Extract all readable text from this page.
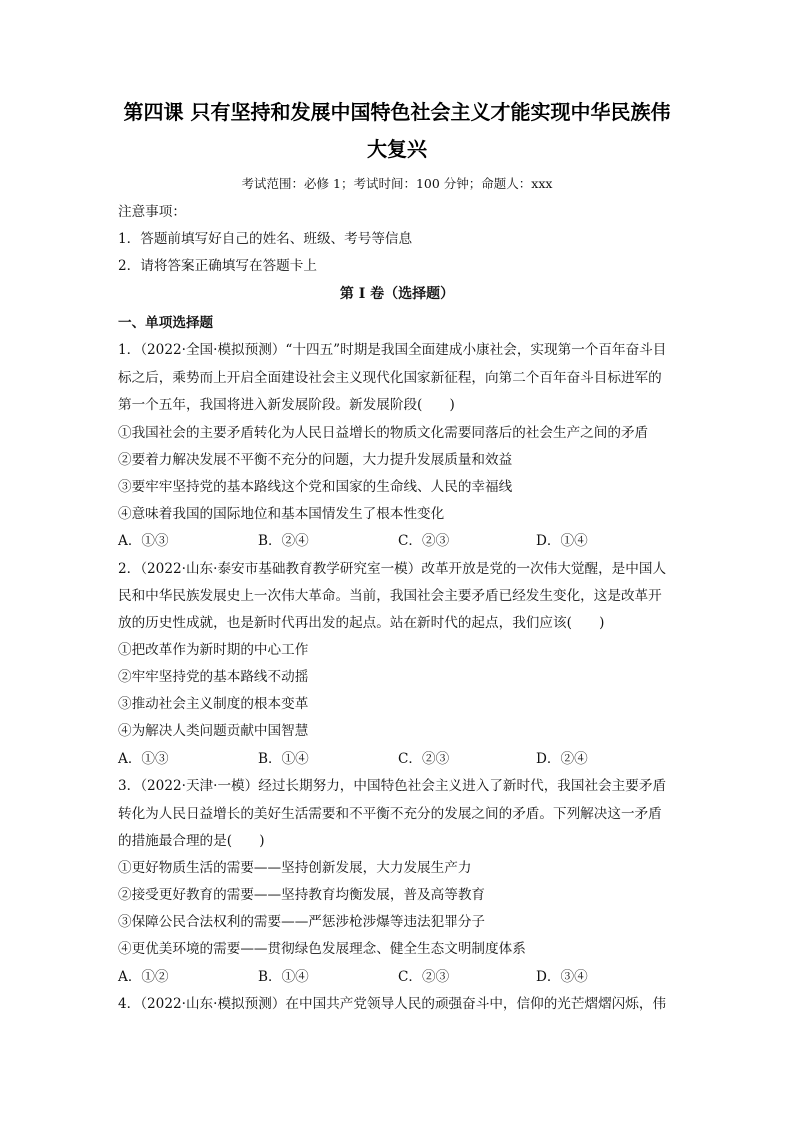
第四课 只有坚持和发展中国特色社会主义才能实现中华民族伟
大复兴
考试范围：必修 1；考试时间：100 分钟；命题人：xxx
注意事项：
1．答题前填写好自己的姓名、班级、考号等信息
2．请将答案正确填写在答题卡上
第 I 卷（选择题）
一、单项选择题
1．（2022·全国·模拟预测）“十四五”时期是我国全面建成小康社会，实现第一个百年奋斗目
标之后，乘势而上开启全面建设社会主义现代化国家新征程，向第二个百年奋斗目标进军的
第一个五年，我国将进入新发展阶段。新发展阶段(　　)
①我国社会的主要矛盾转化为人民日益增长的物质文化需要同落后的社会生产之间的矛盾
②要着力解决发展不平衡不充分的问题，大力提升发展质量和效益
③要牢牢坚持党的基本路线这个党和国家的生命线、人民的幸福线
④意味着我国的国际地位和基本国情发生了根本性变化
A．①③	B．②④	C．②③	D．①④
2．（2022·山东·泰安市基础教育教学研究室一模）改革开放是党的一次伟大觉醒，是中国人
民和中华民族发展史上一次伟大革命。当前，我国社会主要矛盾已经发生变化，这是改革开
放的历史性成就，也是新时代再出发的起点。站在新时代的起点，我们应该(　　)
①把改革作为新时期的中心工作
②牢牢坚持党的基本路线不动摇
③推动社会主义制度的根本变革
④为解决人类问题贡献中国智慧
A．①③	B．①④	C．②③	D．②④
3．（2022·天津·一模）经过长期努力，中国特色社会主义进入了新时代，我国社会主要矛盾
转化为人民日益增长的美好生活需要和不平衡不充分的发展之间的矛盾。下列解决这一矛盾
的措施最合理的是(　　)
①更好物质生活的需要——坚持创新发展，大力发展生产力
②接受更好教育的需要——坚持教育均衡发展，普及高等教育
③保障公民合法权利的需要——严惩涉枪涉爆等违法犯罪分子
④更优美环境的需要——贯彻绿色发展理念、健全生态文明制度体系
A．①②	B．①④	C．②③	D．③④
4．（2022·山东·模拟预测）在中国共产党领导人民的顽强奋斗中，信仰的光芒熠熠闪烁，伟
